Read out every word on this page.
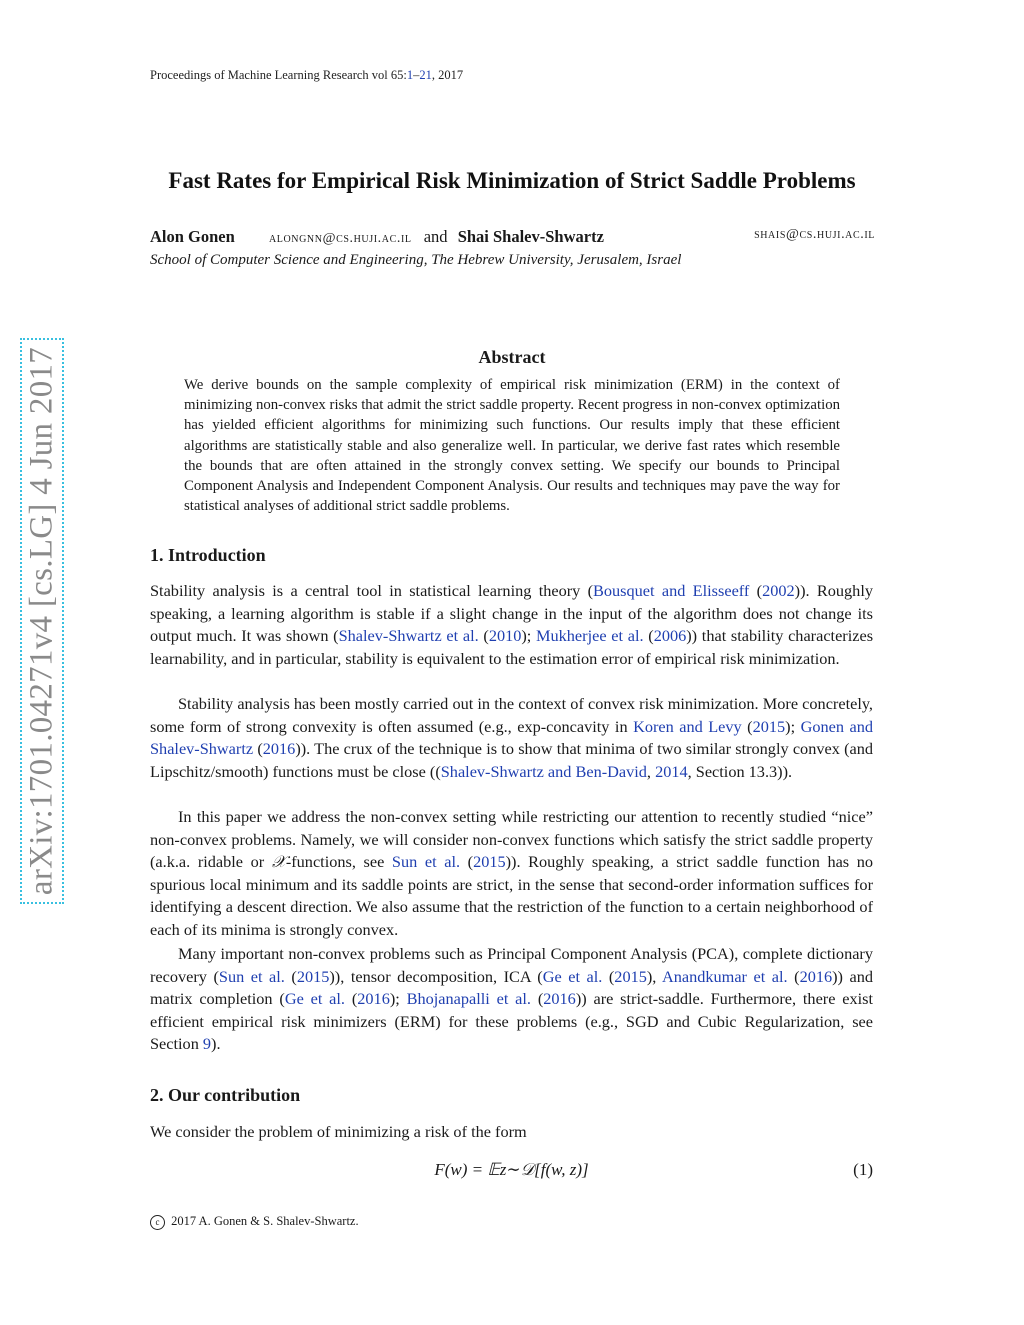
Proceedings of Machine Learning Research vol 65:1–21, 2017
arXiv:1701.04271v4 [cs.LG] 4 Jun 2017
Fast Rates for Empirical Risk Minimization of Strict Saddle Problems
Alon Gonen alongnn@cs.huji.ac.il and Shai Shalev-Shwartz	shais@cs.huji.ac.il
School of Computer Science and Engineering, The Hebrew University, Jerusalem, Israel
Abstract
We derive bounds on the sample complexity of empirical risk minimization (ERM) in the context of minimizing non-convex risks that admit the strict saddle property. Recent progress in non-convex optimization has yielded efficient algorithms for minimizing such functions. Our results imply that these efficient algorithms are statistically stable and also generalize well. In particular, we derive fast rates which resemble the bounds that are often attained in the strongly convex setting. We specify our bounds to Principal Component Analysis and Independent Component Analysis. Our results and techniques may pave the way for statistical analyses of additional strict saddle problems.
1. Introduction

Stability analysis is a central tool in statistical learning theory (Bousquet and Elisseeff (2002)). Roughly speaking, a learning algorithm is stable if a slight change in the input of the algorithm does not change its output much. It was shown (Shalev-Shwartz et al. (2010); Mukherjee et al. (2006)) that stability characterizes learnability, and in particular, stability is equivalent to the estimation error of empirical risk minimization.

Stability analysis has been mostly carried out in the context of convex risk minimization. More concretely, some form of strong convexity is often assumed (e.g., exp-concavity in Koren and Levy (2015); Gonen and Shalev-Shwartz (2016)). The crux of the technique is to show that minima of two similar strongly convex (and Lipschitz/smooth) functions must be close ((Shalev-Shwartz and Ben-David, 2014, Section 13.3)).

In this paper we address the non-convex setting while restricting our attention to recently studied “nice” non-convex problems. Namely, we will consider non-convex functions which satisfy the strict saddle property (a.k.a. ridable or 𝒳-functions, see Sun et al. (2015)). Roughly speaking, a strict saddle function has no spurious local minimum and its saddle points are strict, in the sense that second-order information suffices for identifying a descent direction. We also assume that the restriction of the function to a certain neighborhood of each of its minima is strongly convex.

Many important non-convex problems such as Principal Component Analysis (PCA), complete dictionary recovery (Sun et al. (2015)), tensor decomposition, ICA (Ge et al. (2015), Anandkumar et al. (2016)) and matrix completion (Ge et al. (2016); Bhojanapalli et al. (2016)) are strict-saddle. Furthermore, there exist efficient empirical risk minimizers (ERM) for these problems (e.g., SGD and Cubic Regularization, see Section 9).

2. Our contribution

We consider the problem of minimizing a risk of the form

F(w) = 𝔼z∼𝒟[f(w, z)]	(1)
c 2017 A. Gonen & S. Shalev-Shwartz.
